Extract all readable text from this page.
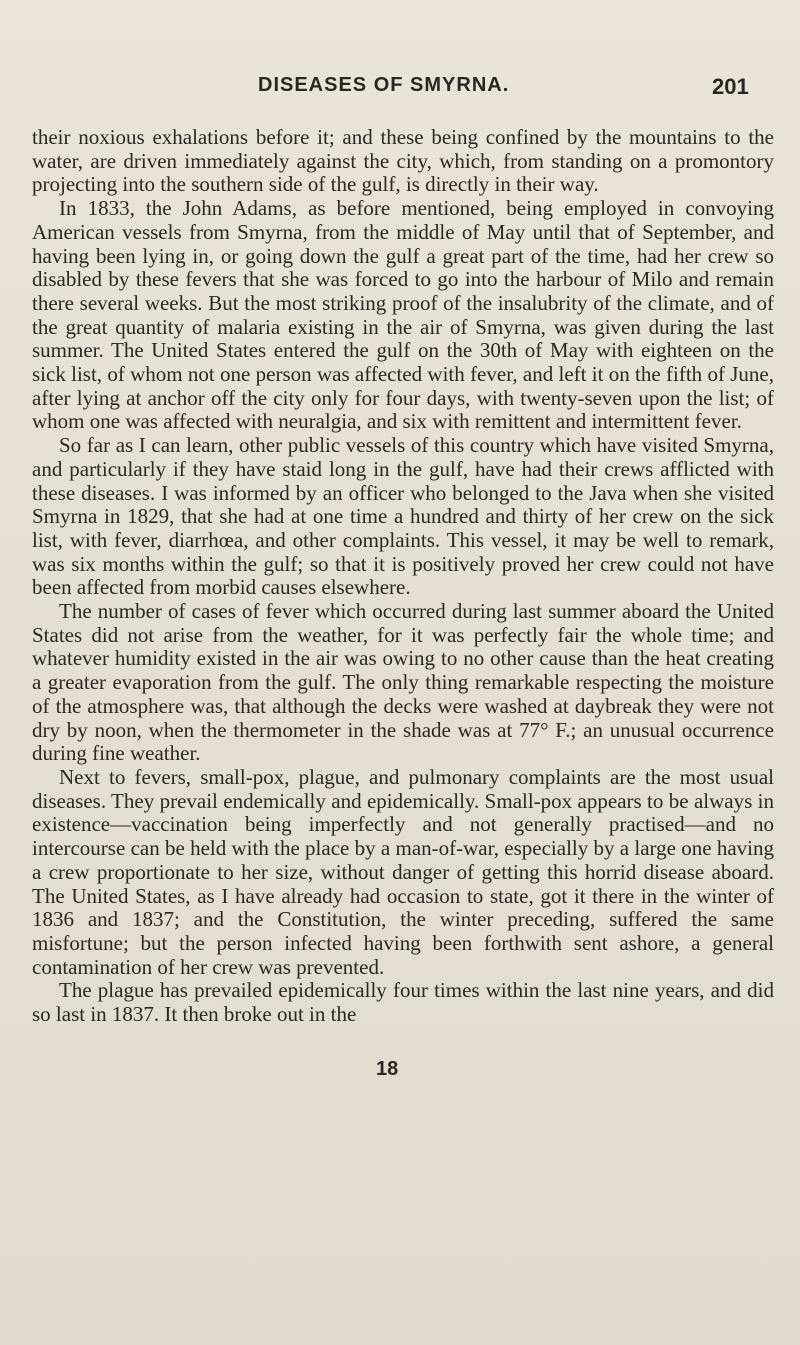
DISEASES OF SMYRNA.	201

their noxious exhalations before it; and these being confined by the mountains to the water, are driven immediately against the city, which, from standing on a promontory projecting into the southern side of the gulf, is directly in their way.

In 1833, the John Adams, as before mentioned, being employed in convoying American vessels from Smyrna, from the middle of May until that of September, and having been lying in, or going down the gulf a great part of the time, had her crew so disabled by these fevers that she was forced to go into the harbour of Milo and remain there several weeks. But the most striking proof of the insalubrity of the climate, and of the great quantity of malaria existing in the air of Smyrna, was given during the last summer. The United States entered the gulf on the 30th of May with eighteen on the sick list, of whom not one person was affected with fever, and left it on the fifth of June, after lying at anchor off the city only for four days, with twenty-seven upon the list; of whom one was affected with neuralgia, and six with remittent and intermittent fever.

So far as I can learn, other public vessels of this country which have visited Smyrna, and particularly if they have staid long in the gulf, have had their crews afflicted with these diseases. I was informed by an officer who belonged to the Java when she visited Smyrna in 1829, that she had at one time a hundred and thirty of her crew on the sick list, with fever, diarrhœa, and other complaints. This vessel, it may be well to remark, was six months within the gulf; so that it is positively proved her crew could not have been affected from morbid causes elsewhere.

The number of cases of fever which occurred during last summer aboard the United States did not arise from the weather, for it was perfectly fair the whole time; and whatever humidity existed in the air was owing to no other cause than the heat creating a greater evaporation from the gulf. The only thing remarkable respecting the moisture of the atmosphere was, that although the decks were washed at daybreak they were not dry by noon, when the thermometer in the shade was at 77° F.; an unusual occurrence during fine weather.

Next to fevers, small-pox, plague, and pulmonary complaints are the most usual diseases. They prevail endemically and epidemically. Small-pox appears to be always in existence—vaccination being imperfectly and not generally practised—and no intercourse can be held with the place by a man-of-war, especially by a large one having a crew proportionate to her size, without danger of getting this horrid disease aboard. The United States, as I have already had occasion to state, got it there in the winter of 1836 and 1837; and the Constitution, the winter preceding, suffered the same misfortune; but the person infected having been forthwith sent ashore, a general contamination of her crew was prevented.

The plague has prevailed epidemically four times within the last nine years, and did so last in 1837. It then broke out in the

18
